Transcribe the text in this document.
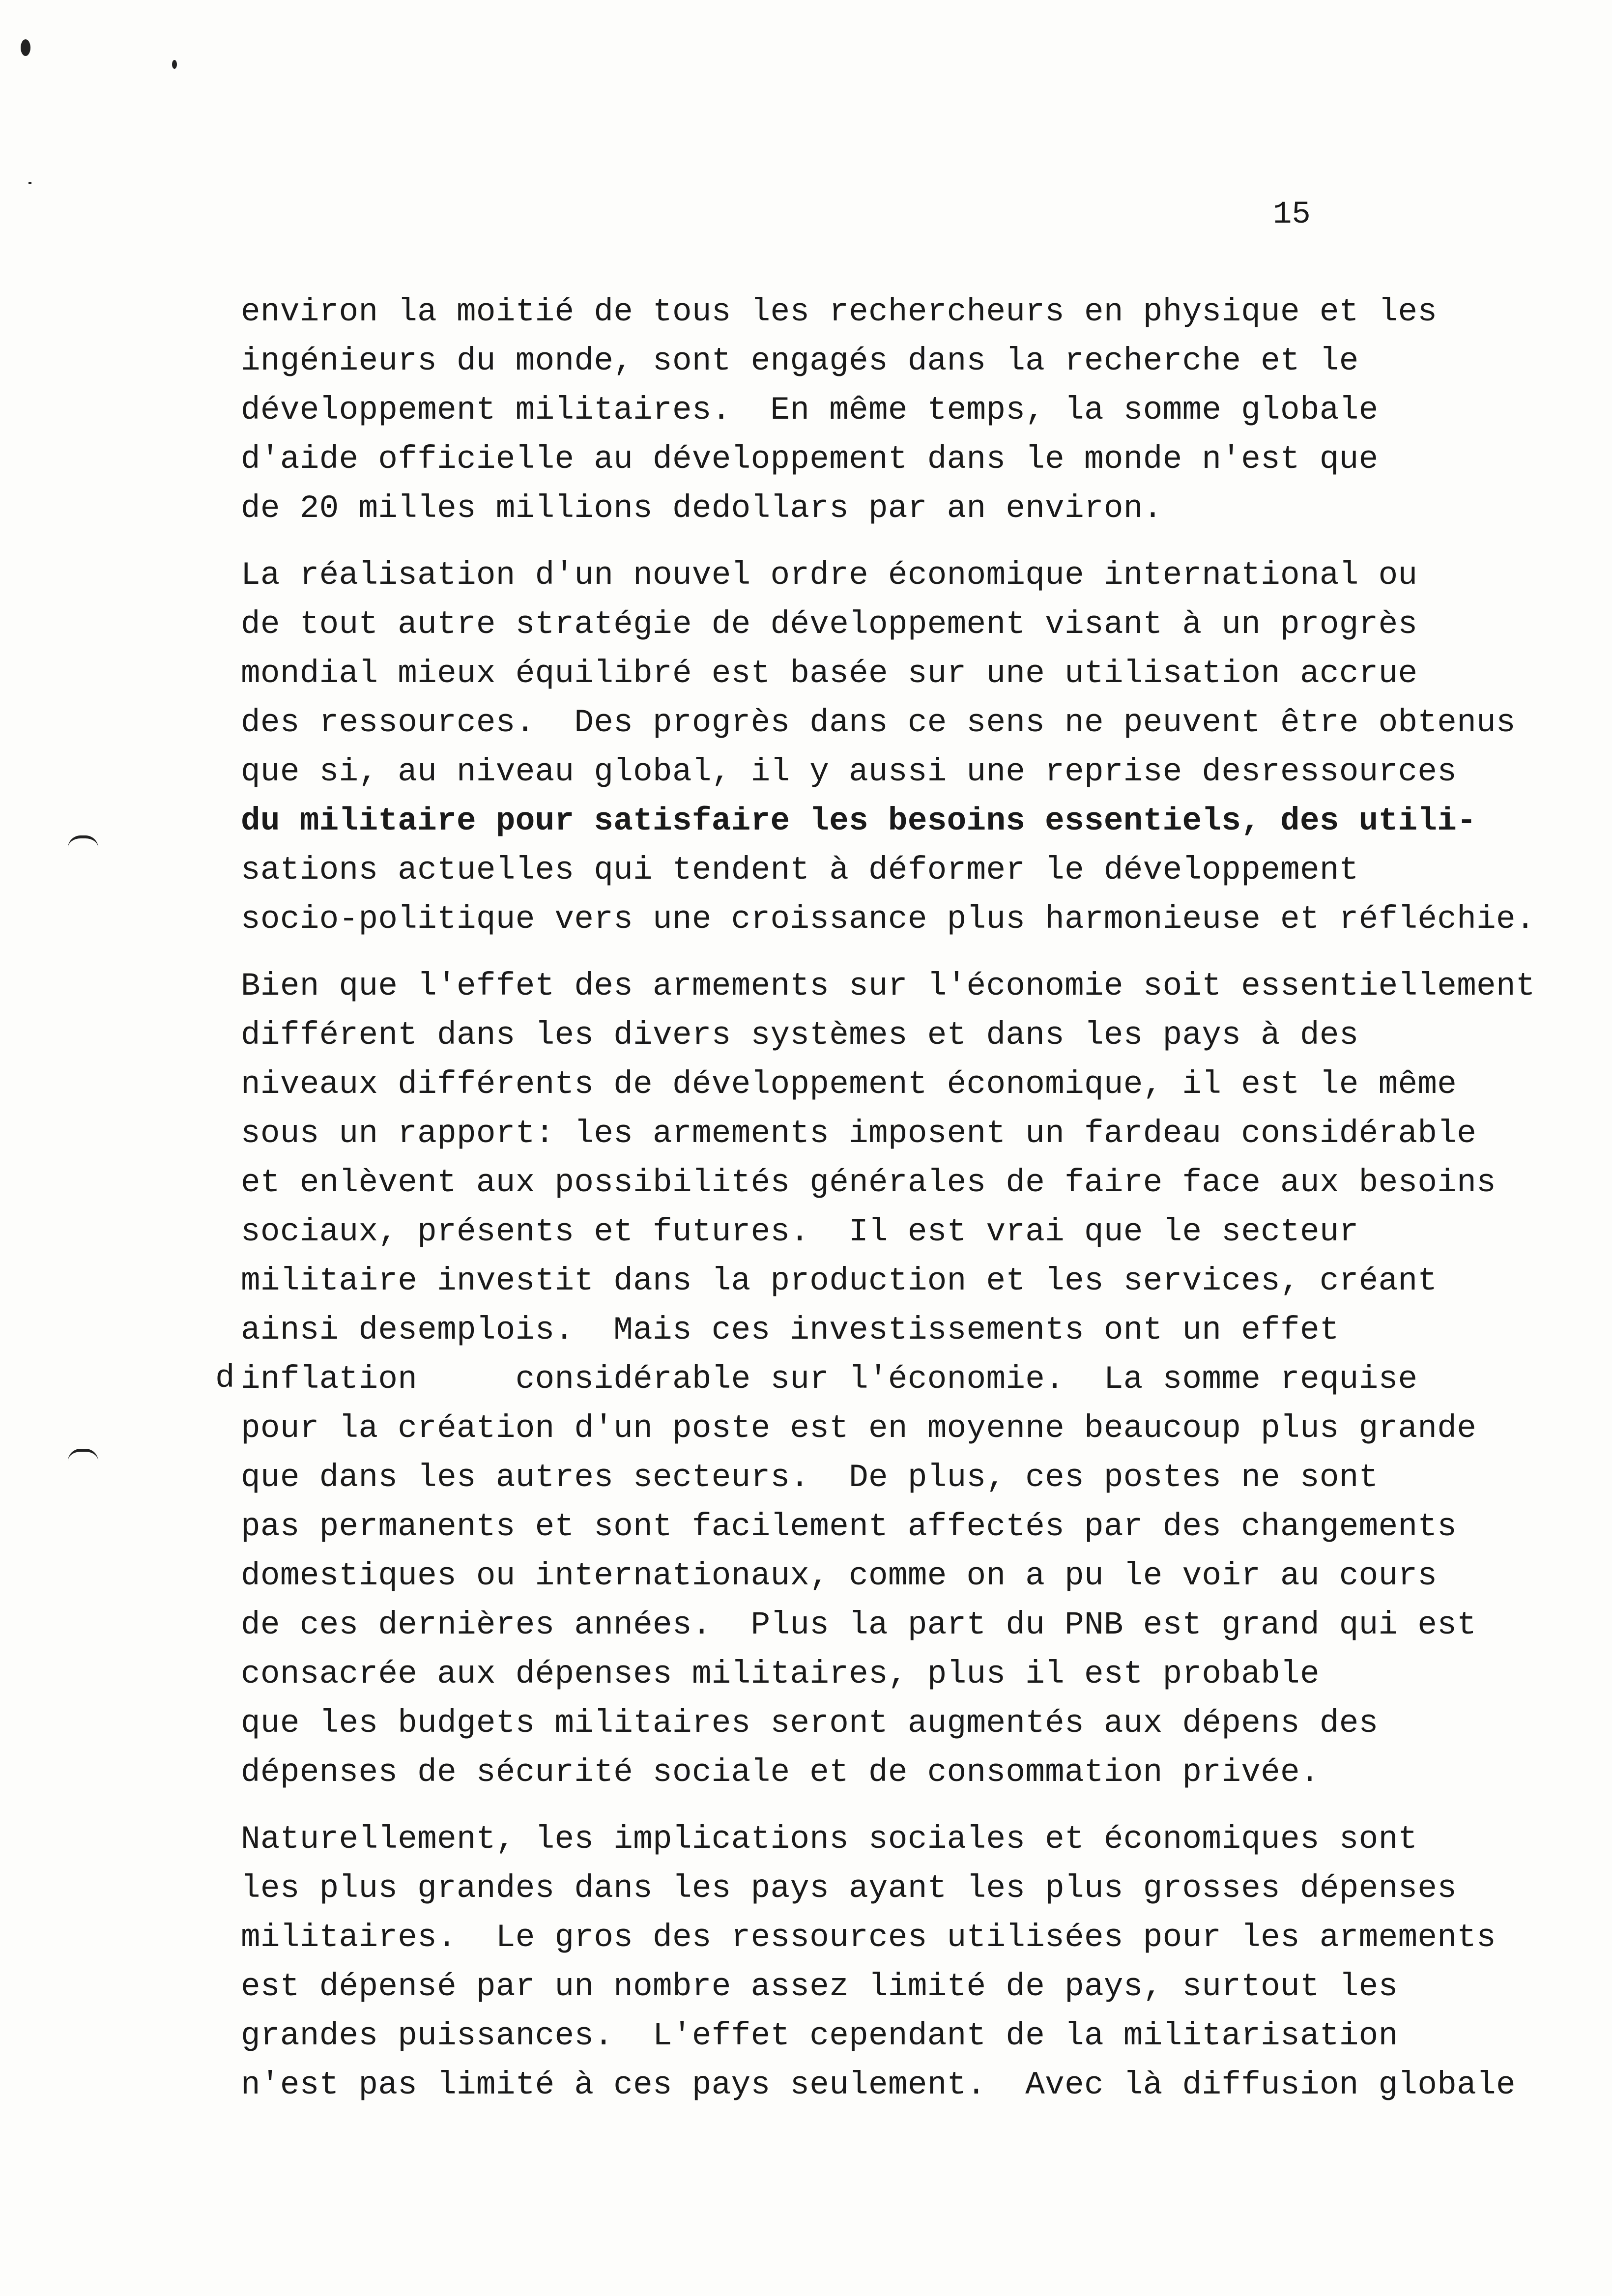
15
d
environ la moitié de tous les rechercheurs en physique et les
ingénieurs du monde, sont engagés dans la recherche et le
développement militaires.  En même temps, la somme globale
d'aide officielle au développement dans le monde n'est que
de 20 milles millions dedollars par an environ.
La réalisation d'un nouvel ordre économique international ou
de tout autre stratégie de développement visant à un progrès
mondial mieux équilibré est basée sur une utilisation accrue
des ressources.  Des progrès dans ce sens ne peuvent être obtenus
que si, au niveau global, il y aussi une reprise desressources
du militaire pour satisfaire les besoins essentiels, des utili-
sations actuelles qui tendent à déformer le développement
socio-politique vers une croissance plus harmonieuse et réfléchie.
Bien que l'effet des armements sur l'économie soit essentiellement
différent dans les divers systèmes et dans les pays à des
niveaux différents de développement économique, il est le même
sous un rapport: les armements imposent un fardeau considérable
et enlèvent aux possibilités générales de faire face aux besoins
sociaux, présents et futures.  Il est vrai que le secteur
militaire investit dans la production et les services, créant
ainsi desemplois.  Mais ces investissements ont un effet
inflation     considérable sur l'économie.  La somme requise
pour la création d'un poste est en moyenne beaucoup plus grande
que dans les autres secteurs.  De plus, ces postes ne sont
pas permanents et sont facilement affectés par des changements
domestiques ou internationaux, comme on a pu le voir au cours
de ces dernières années.  Plus la part du PNB est grand qui est
consacrée aux dépenses militaires, plus il est probable
que les budgets militaires seront augmentés aux dépens des
dépenses de sécurité sociale et de consommation privée.
Naturellement, les implications sociales et économiques sont
les plus grandes dans les pays ayant les plus grosses dépenses
militaires.  Le gros des ressources utilisées pour les armements
est dépensé par un nombre assez limité de pays, surtout les
grandes puissances.  L'effet cependant de la militarisation
n'est pas limité à ces pays seulement.  Avec là diffusion globale
